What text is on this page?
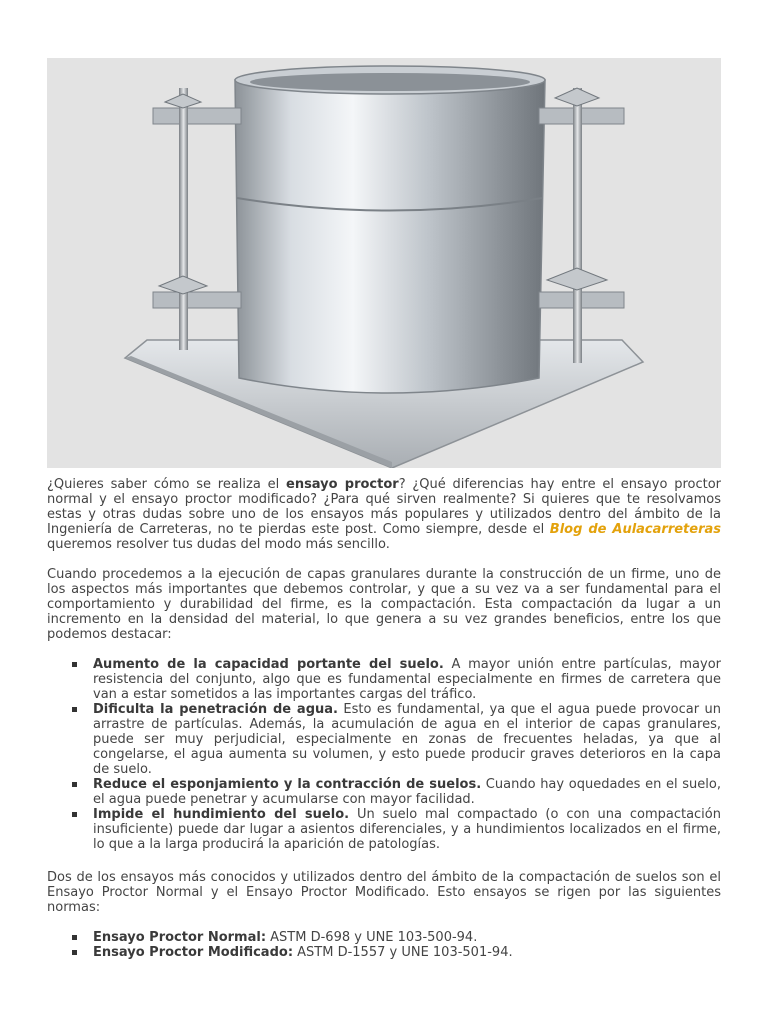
¿Quieres saber cómo se realiza el ensayo proctor? ¿Qué diferencias hay entre el ensayo proctor normal y el ensayo proctor modificado? ¿Para qué sirven realmente? Si quieres que te resolvamos estas y otras dudas sobre uno de los ensayos más populares y utilizados dentro del ámbito de la Ingeniería de Carreteras, no te pierdas este post. Como siempre, desde el Blog de Aulacarreteras queremos resolver tus dudas del modo más sencillo.

Cuando procedemos a la ejecución de capas granulares durante la construcción de un firme, uno de los aspectos más importantes que debemos controlar, y que a su vez va a ser fundamental para el comportamiento y durabilidad del firme, es la compactación. Esta compactación da lugar a un incremento en la densidad del material, lo que genera a su vez grandes beneficios, entre los que podemos destacar:

Aumento de la capacidad portante del suelo. A mayor unión entre partículas, mayor resistencia del conjunto, algo que es fundamental especialmente en firmes de carretera que van a estar sometidos a las importantes cargas del tráfico.
Dificulta la penetración de agua. Esto es fundamental, ya que el agua puede provocar un arrastre de partículas. Además, la acumulación de agua en el interior de capas granulares, puede ser muy perjudicial, especialmente en zonas de frecuentes heladas, ya que al congelarse, el agua aumenta su volumen, y esto puede producir graves deterioros en la capa de suelo.
Reduce el esponjamiento y la contracción de suelos. Cuando hay oquedades en el suelo, el agua puede penetrar y acumularse con mayor facilidad.
Impide el hundimiento del suelo. Un suelo mal compactado (o con una compactación insuficiente) puede dar lugar a asientos diferenciales, y a hundimientos localizados en el firme, lo que a la larga producirá la aparición de patologías.

Dos de los ensayos más conocidos y utilizados dentro del ámbito de la compactación de suelos son el Ensayo Proctor Normal y el Ensayo Proctor Modificado. Esto ensayos se rigen por las siguientes normas:

Ensayo Proctor Normal: ASTM D-698 y UNE 103-500-94.
Ensayo Proctor Modificado: ASTM D-1557 y UNE 103-501-94.
